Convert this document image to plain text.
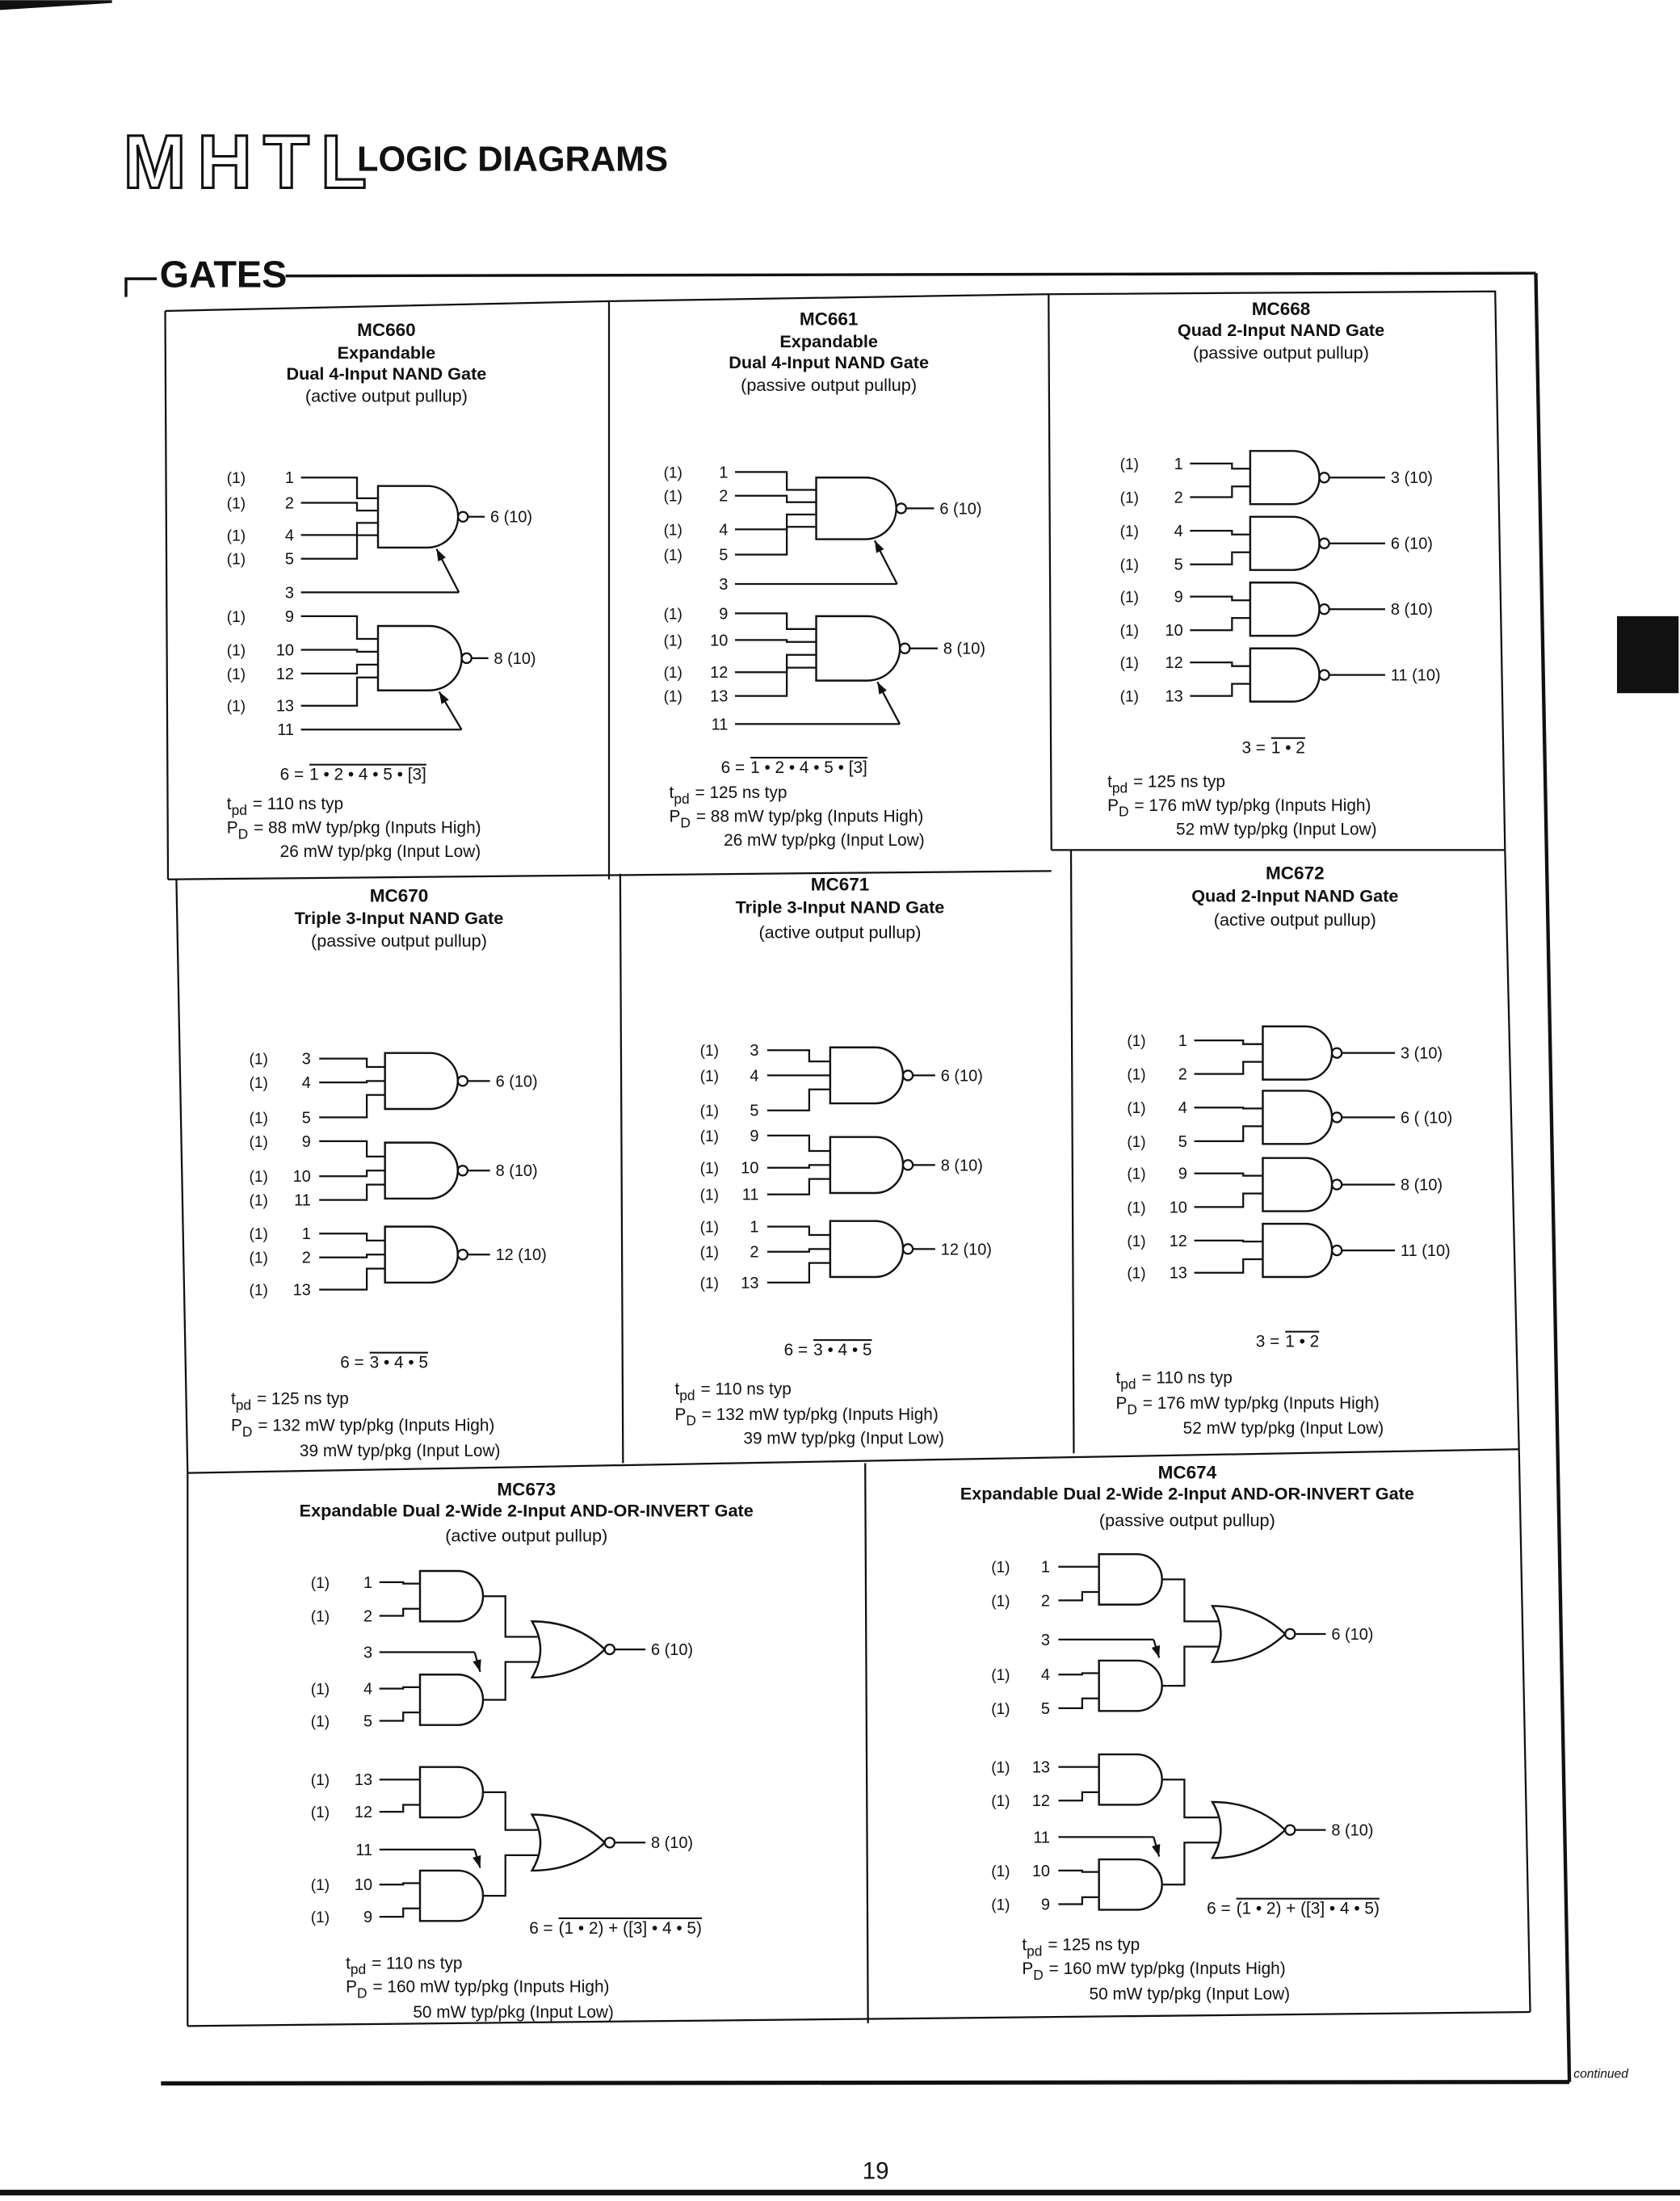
MHTL
LOGIC DIAGRAMS
GATES
continued
19
MC660
Expandable
Dual 4-Input NAND Gate
(active output pullup)
(1)	1
(1)	2
(1)	4
(1)	5
3
(1)	9
(1)	10
(1)	12
(1)	13
11
6 (10)
8 (10)
6 = 1 • 2 • 4 • 5 • [3]
$t_{pd} = 110$ ns typ
$P_D = 88$ mW typ/pkg (Inputs High)
26 mW typ/pkg (Input Low)
MC661
Expandable
Dual 4-Input NAND Gate
(passive output pullup)
(1)	1
(1)	2
(1)	4
(1)	5
3
(1)	9
(1)	10
(1)	12
(1)	13
11
6 (10)
8 (10)
6 = 1 • 2 • 4 • 5 • [3]
$t_{pd} = 125$ ns typ
$P_D = 88$ mW typ/pkg (Inputs High)
26 mW typ/pkg (Input Low)
MC668
Quad 2-Input NAND Gate
(passive output pullup)
(1)	1
(1)	2
(1)	4
(1)	5
(1)	9
(1)	10
(1)	12
(1)	13
3 (10)
6 (10)
8 (10)
11 (10)
3 = 1 • 2
$t_{pd} = 125$ ns typ
$P_D = 176$ mW typ/pkg (Inputs High)
52 mW typ/pkg (Input Low)
MC670
Triple 3-Input NAND Gate
(passive output pullup)
(1)	3
(1)	4
(1)	5
(1)	9
(1)	10
(1)	11
(1)	1
(1)	2
(1)	13
6 (10)
8 (10)
12 (10)
6 = 3 • 4 • 5
$t_{pd} = 125$ ns typ
$P_D = 132$ mW typ/pkg (Inputs High)
39 mW typ/pkg (Input Low)
MC671
Triple 3-Input NAND Gate
(active output pullup)
(1)	3
(1)	4
(1)	5
(1)	9
(1) 10
(1)	11
(1)	1
(1)	2
(1) 13
6 (10)
8 (10)
12 (10)
6 = 3 • 4 • 5
$t_{pd} = 110$ ns typ
$P_D = 132$ mW typ/pkg (Inputs High)
39 mW typ/pkg (Input Low)
MC672
Quad 2-Input NAND Gate
(active output pullup)
(1)	1
(1)	2
(1)	4
(1)	5
(1)	9
(1)	10
(1)	12
(1)	13
3 (10)
6 ( (10)
8 (10)
11 (10)
3 = 1 • 2
$t_{pd} = 110$ ns typ
$P_D = 176$ mW typ/pkg (Inputs High)
52 mW typ/pkg (Input Low)
MC673
Expandable Dual 2-Wide 2-Input AND-OR-INVERT Gate
(active output pullup)
(1)	1
(1)	2
3
(1)	4
(1)	5
(1)	13
(1)	12
11
(1)	10
(1)	9
6 (10)
8 (10)
6 = (1 • 2) + ([3] • 4 • 5)
$t_{pd} = 110$ ns typ
$P_D = 160$ mW typ/pkg (Inputs High)
50 mW typ/pkg (Input Low)
MC674
Expandable Dual 2-Wide 2-Input AND-OR-INVERT Gate
(passive output pullup)
(1)	1
(1)	2
3
(1)	4
(1)	5
(1) 13
(1) 12
11
(1) 10
(1)	9
6 (10)
8 (10)
6 = (1 • 2) + ([3] • 4 • 5)
$t_{pd} = 125$ ns typ
$P_D = 160$ mW typ/pkg (Inputs High)
50 mW typ/pkg (Input Low)
